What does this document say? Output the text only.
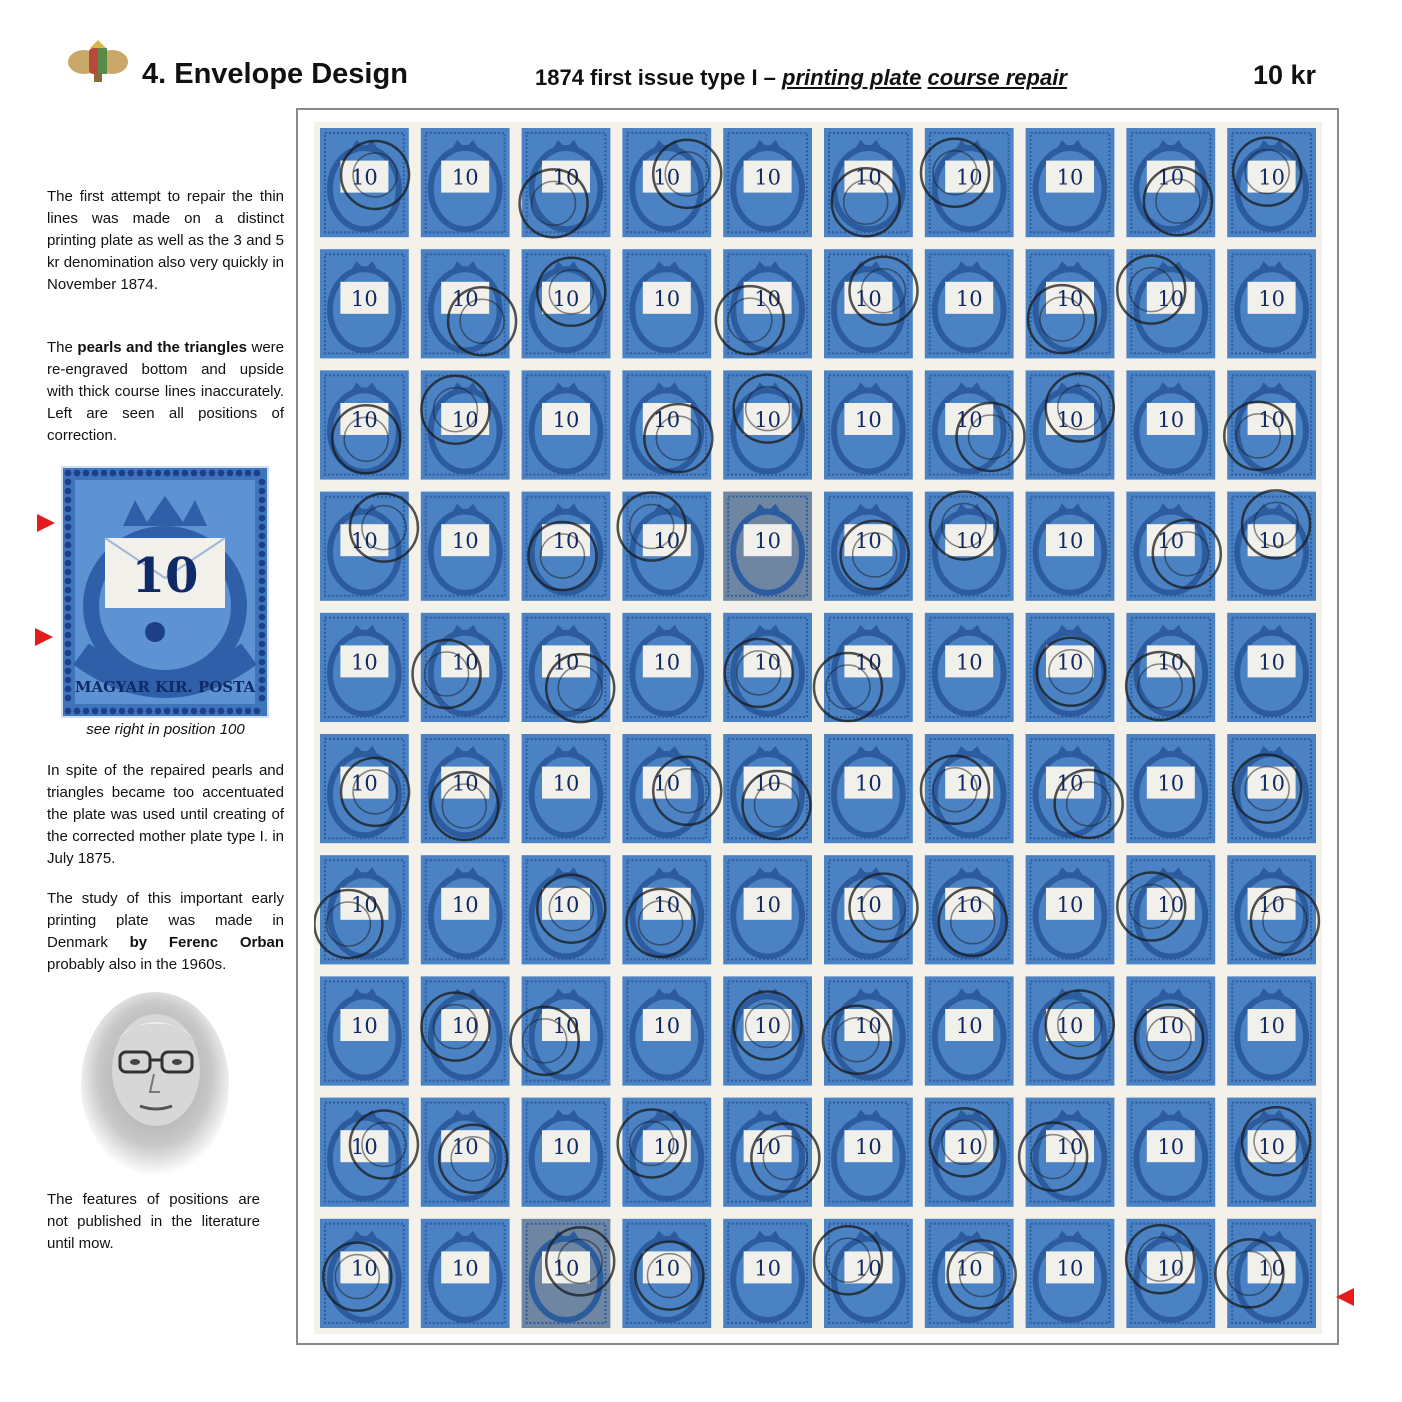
4. Envelope Design	1874 first issue type I – printing plate course repair	10 kr

The first attempt to repair the thin lines was made on a distinct printing plate as well as the 3 and 5 kr denomination also very quickly in November 1874.

The pearls and the triangles were re-engraved bottom and upside with thick course lines inaccurately. Left are seen all positions of correction.

10
MAGYAR KIR. POSTA
see right in position 100

In spite of the repaired pearls and triangles became too accentuated the plate was used until creating of the corrected mother plate type I. in July 1875.

The study of this important early printing plate was made in Denmark by Ferenc Orban probably also in the 1960s.

The features of positions are not published in the literature until mow.

10	10	10	10	10	10	10	10	10	10
10	10	10	10	10	10	10	10	10	10
10	10	10	10	10	10	10	10	10	10
10	10	10	10	10	10	10	10	10	10
10	10	10	10	10	10	10	10	10	10
10	10	10	10	10	10	10	10	10	10
10	10	10	10	10	10	10	10	10	10
10	10	10	10	10	10	10	10	10	10
10	10	10	10	10	10	10	10	10	10
10	10	10	10	10	10	10	10	10	10
